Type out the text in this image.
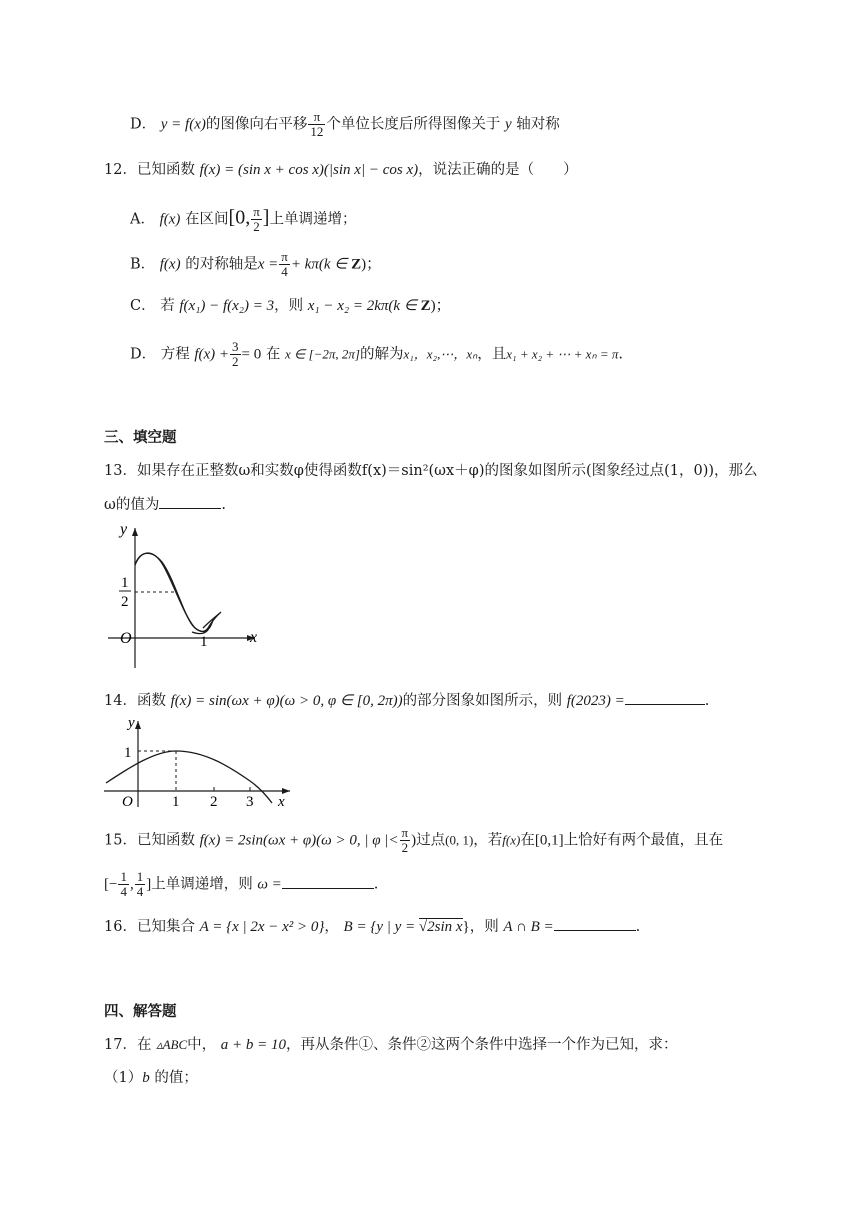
D． y = f(x)的图像向右平移 $\frac{\pi}{12}$ 个单位长度后所得图像关于 y 轴对称
12．已知函数 f(x) = (sin x + cos x)(|sin x| − cos x)，说法正确的是（　　）
A． f(x) 在区间[0, $\frac{\pi}{2}$ ]上单调递增；
B． f(x) 的对称轴是$x = \frac{\pi}{4} + k\pi(k$ ∈ Z)；
C． 若 f(x₁) − f(x₂) = 3，则 x₁ − x₂ = 2kπ(k ∈ Z)；
D． 方程 $f(x) + \frac{3}{2} = 0$ 在 x ∈ [−2π, 2π]的解为x₁，x₂,⋯，xₙ，且x₁ + x₂ + ⋯ + xₙ = π.
三、填空题
13．如果存在正整数ω和实数φ使得函数f(x)＝sin²(ωx＋φ)的图象如图所示(图象经过点(1，0))，那么
ω的值为	.
y
O	x
1
2
1
14．函数 f(x) = sin(ωx + φ)(ω > 0, φ ∈ [0, 2π))的部分图象如图所示，则 f(2023) =	.
y
1
O	1 2 3 x
15．已知函数 f(x) = 2sin(ωx + φ)(ω > 0, | φ |< $\frac{\pi}{2}$ )过点(0, 1)，若f(x)在[0,1]上恰好有两个最值，且在
[− $\frac{1}{4}$ , $\frac{1}{4}$ ]上单调递增，则 ω =	.
16．已知集合 A = {x | 2x − x² > 0}， B = {y | y = √2sin x}，则 A ∩ B =	.
四、解答题
17．在 ▵ABC中， a + b = 10，再从条件①、条件②这两个条件中选择一个作为已知，求：
（1）b 的值；
